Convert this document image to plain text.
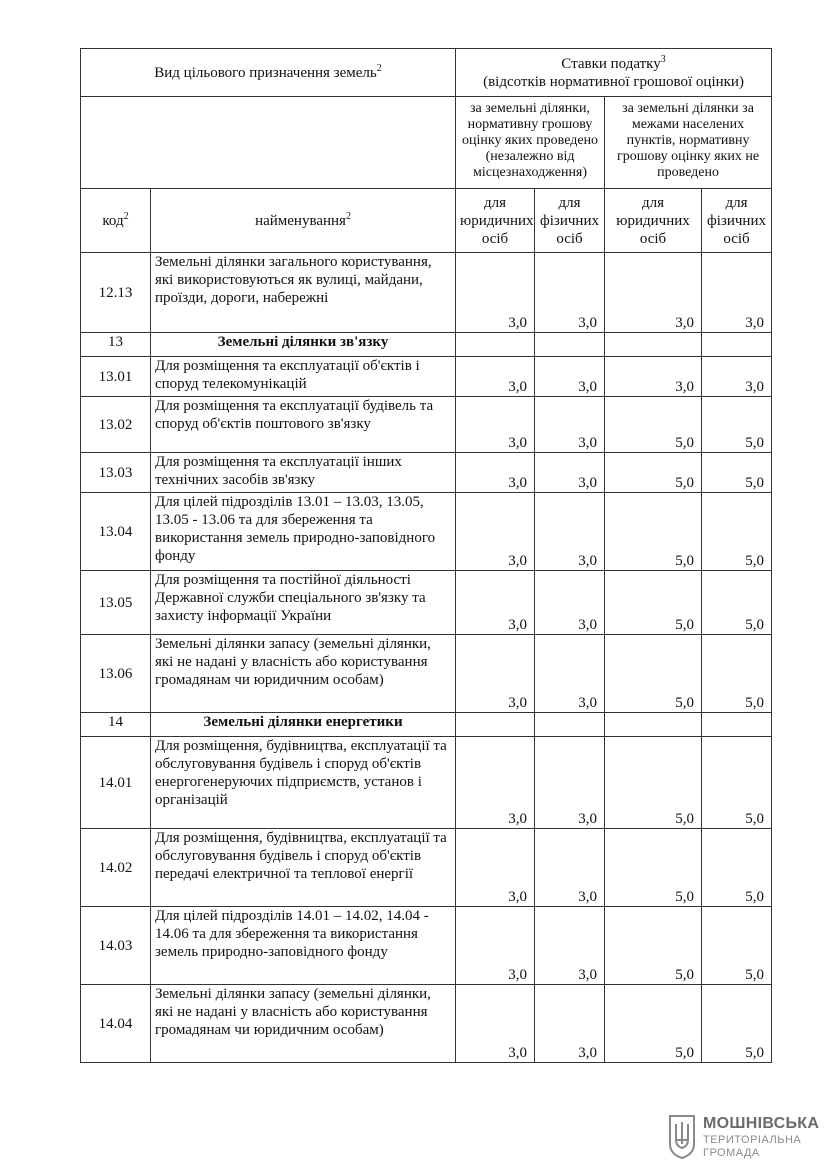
Вид цільового призначення земель$^2$		Ставки податку$^3$
(відсотків нормативної грошової оцінки)			
		за земельні ділянки, нормативну грошову оцінку яких проведено (незалежно від місцезнаходження)		за земельні ділянки за межами населених пунктів, нормативну грошову оцінку яких не проведено	
код$^2$	найменування$^2$	для юридичних осіб	для фізичних осіб	для юридичних осіб	для фізичних осіб
12.13	Земельні ділянки загального користування, які використовуються як вулиці, майдани, проїзди, дороги, набережні	3,0	3,0	3,0	3,0
13	Земельні ділянки зв'язку				
13.01	Для розміщення та експлуатації об'єктів і споруд телекомунікацій	3,0	3,0	3,0	3,0
13.02	Для розміщення та експлуатації будівель та споруд об'єктів поштового зв'язку	3,0	3,0	5,0	5,0
13.03	Для розміщення та експлуатації інших технічних засобів зв'язку	3,0	3,0	5,0	5,0
13.04	Для цілей підрозділів 13.01 – 13.03, 13.05, 13.05 - 13.06 та для збереження та використання земель природно-заповідного фонду	3,0	3,0	5,0	5,0
13.05	Для розміщення та постійної діяльності Державної служби спеціального зв'язку та захисту інформації України	3,0	3,0	5,0	5,0
13.06	Земельні ділянки запасу (земельні ділянки, які не надані у власність або користування громадянам чи юридичним особам)	3,0	3,0	5,0	5,0
14	Земельні ділянки енергетики				
14.01	Для розміщення, будівництва, експлуатації та обслуговування будівель і споруд об'єктів енергогенеруючих підприємств, установ і організацій	3,0	3,0	5,0	5,0
14.02	Для розміщення, будівництва, експлуатації та обслуговування будівель і споруд об'єктів передачі електричної та теплової енергії	3,0	3,0	5,0	5,0
14.03	Для цілей підрозділів 14.01 – 14.02, 14.04 - 14.06 та для збереження та використання земель природно-заповідного фонду	3,0	3,0	5,0	5,0
14.04	Земельні ділянки запасу (земельні ділянки, які не надані у власність або користування громадянам чи юридичним особам)	3,0	3,0	5,0	5,0
МОШНІВСЬКА
ТЕРИТОРІАЛЬНА
ГРОМАДА
